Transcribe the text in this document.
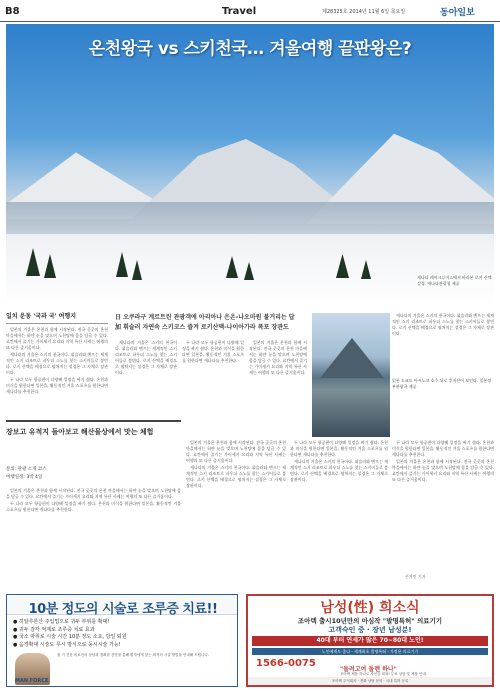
B8	Travel	제28325호 2014년 11월 6일 목요일	동아일보
온천왕국 vs 스키천국… 겨울여행 끝판왕은?
캐나다 레이크루이스에서 바라본 로키 산맥 설경. 캐나다관광청 제공
일치 운동 '국과 국' 여행지

일본의 겨울은 온천과 함께 시작된다. 전국 곳곳의 온천 마을에서는 하얀 눈을 맞으며 노천탕에 몸을 담글 수 있다. 료칸에서 즐기는 가이세키 요리와 지역 특산 사케는 여행의 또 다른 즐거움이다.

캐나다의 겨울은 스키의 천국이다. 휘슬러와 밴프는 세계적인 스키 리조트로 파우더 스노를 찾는 스키어들로 붐빈다. 로키 산맥을 배경으로 펼쳐지는 설경은 그 자체로 장관이다.

두 나라 모두 항공편이 다양해 일정을 짜기 쉽다. 온천과 미식을 원한다면 일본을, 활동적인 겨울 스포츠를 원한다면 캐나다를 추천한다.

日 오쿠라구 게르트린 관광객에 아리아나 은온-나오마원 불거리는 답
加 휘슬러 자연속 스키코스 즐겨 로키산맥-나이아가라 폭포 장관도

캐나다의 겨울은 스키의 천국이다. 휘슬러와 밴프는 세계적인 스키 리조트로 파우더 스노를 찾는 스키어들로 붐빈다. 로키 산맥을 배경으로 펼쳐지는 설경은 그 자체로 장관이다.

두 나라 모두 항공편이 다양해 일정을 짜기 쉽다. 온천과 미식을 원한다면 일본을, 활동적인 겨울 스포츠를 원한다면 캐나다를 추천한다.

일본의 겨울은 온천과 함께 시작된다. 전국 곳곳의 온천 마을에서는 하얀 눈을 맞으며 노천탕에 몸을 담글 수 있다. 료칸에서 즐기는 가이세키 요리와 지역 특산 사케는 여행의 또 다른 즐거움이다.

일본 도쿄도 아시노코 호수 뒤로 후지산이 보인다. 일본정부관광국 제공

캐나다의 겨울은 스키의 천국이다. 휘슬러와 밴프는 세계적인 스키 리조트로 파우더 스노를 찾는 스키어들로 붐빈다. 로키 산맥을 배경으로 펼쳐지는 설경은 그 자체로 장관이다.

두 나라 모두 항공편이 다양해 일정을 짜기 쉽다. 온천과 미식을 원한다면 일본을, 활동적인 겨울 스포츠를 원한다면 캐나다를 추천한다.

일본의 겨울은 온천과 함께 시작된다. 전국 곳곳의 온천 마을에서는 하얀 눈을 맞으며 노천탕에 몸을 담글 수 있다. 료칸에서 즐기는 가이세키 요리와 지역 특산 사케는 여행의 또 다른 즐거움이다.

일본의 겨울은 온천과 함께 시작된다. 전국 곳곳의 온천 마을에서는 하얀 눈을 맞으며 노천탕에 몸을 담글 수 있다. 료칸에서 즐기는 가이세키 요리와 지역 특산 사케는 여행의 또 다른 즐거움이다.

캐나다의 겨울은 스키의 천국이다. 휘슬러와 밴프는 세계적인 스키 리조트로 파우더 스노를 찾는 스키어들로 붐빈다. 로키 산맥을 배경으로 펼쳐지는 설경은 그 자체로 장관이다.

두 나라 모두 항공편이 다양해 일정을 짜기 쉽다. 온천과 미식을 원한다면 일본을, 활동적인 겨울 스포츠를 원한다면 캐나다를 추천한다.

캐나다의 겨울은 스키의 천국이다. 휘슬러와 밴프는 세계적인 스키 리조트로 파우더 스노를 찾는 스키어들로 붐빈다. 로키 산맥을 배경으로 펼쳐지는 설경은 그 자체로 장관이다.

장보고 유적지 돌아보고 해산물상에서 맛는 체험
문의: 관광 소개 코스
여행일정: 3박 4일

일본의 겨울은 온천과 함께 시작된다. 전국 곳곳의 온천 마을에서는 하얀 눈을 맞으며 노천탕에 몸을 담글 수 있다. 료칸에서 즐기는 가이세키 요리와 지역 특산 사케는 여행의 또 다른 즐거움이다.

두 나라 모두 항공편이 다양해 일정을 짜기 쉽다. 온천과 미식을 원한다면 일본을, 활동적인 겨울 스포츠를 원한다면 캐나다를 추천한다.

손가인 기자
10분 정도의 시술로 조루증 치료!!
● 히알루론산 주입법으로 귀두 부위를 확대!
● 귀두 감각 억제로 조루증 치료 효과
● 국소 마취로 시술 시간 10분 정도 소요, 당일 퇴원
● 음경확대 시술도 무시 방식으로 동시시술 가능!
장 기 전문 의료진의 상담과 정확한 진단을 통해 환자에게 맞는 최적의 시술 방법을 안내해 드립니다.
MAN FORCE
남성(性) 희소식
조아텍 출시10년만의 아심작 "발명특허" 의료기기
고객숙인 중 · 장년 남성분!
40대 부터 연세가 많은 70~80대 노인!
노인에게도 좋다 · 세계최초 발명특허 · 가정용 의료기기
1566-0075
"돌려고여 돌렌 하나"
조아텍 제품 하나로 자신감 회복! 무료 상담 및 제품 안내.
조아텍 주식회사 · 전화 상담 문의 · 국내 특허 등록
